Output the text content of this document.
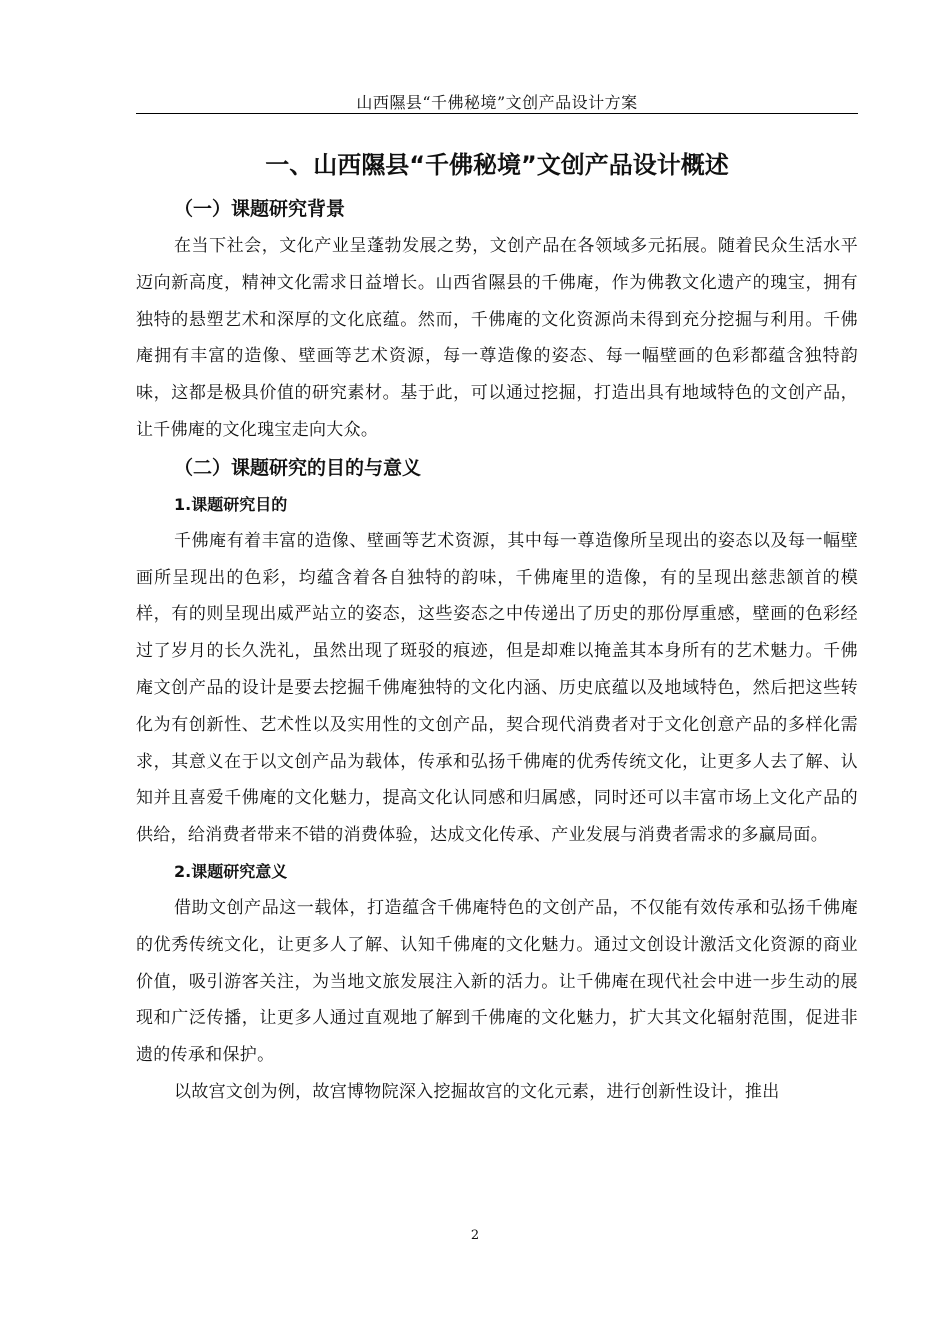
山西隰县“千佛秘境”文创产品设计方案
一、山西隰县“千佛秘境”文创产品设计概述
（一）课题研究背景

在当下社会，文化产业呈蓬勃发展之势，文创产品在各领域多元拓展。随着民众生活水平迈向新高度，精神文化需求日益增长。山西省隰县的千佛庵，作为佛教文化遗产的瑰宝，拥有独特的悬塑艺术和深厚的文化底蕴。然而，千佛庵的文化资源尚未得到充分挖掘与利用。千佛庵拥有丰富的造像、壁画等艺术资源，每一尊造像的姿态、每一幅壁画的色彩都蕴含独特韵味，这都是极具价值的研究素材。基于此，可以通过挖掘，打造出具有地域特色的文创产品，让千佛庵的文化瑰宝走向大众。

（二）课题研究的目的与意义
1.课题研究目的

千佛庵有着丰富的造像、壁画等艺术资源，其中每一尊造像所呈现出的姿态以及每一幅壁画所呈现出的色彩，均蕴含着各自独特的韵味，千佛庵里的造像，有的呈现出慈悲颔首的模样，有的则呈现出威严站立的姿态，这些姿态之中传递出了历史的那份厚重感，壁画的色彩经过了岁月的长久洗礼，虽然出现了斑驳的痕迹，但是却难以掩盖其本身所有的艺术魅力。千佛庵文创产品的设计是要去挖掘千佛庵独特的文化内涵、历史底蕴以及地域特色，然后把这些转化为有创新性、艺术性以及实用性的文创产品，契合现代消费者对于文化创意产品的多样化需求，其意义在于以文创产品为载体，传承和弘扬千佛庵的优秀传统文化，让更多人去了解、认知并且喜爱千佛庵的文化魅力，提高文化认同感和归属感，同时还可以丰富市场上文化产品的供给，给消费者带来不错的消费体验，达成文化传承、产业发展与消费者需求的多赢局面。

2.课题研究意义

借助文创产品这一载体，打造蕴含千佛庵特色的文创产品，不仅能有效传承和弘扬千佛庵的优秀传统文化，让更多人了解、认知千佛庵的文化魅力。通过文创设计激活文化资源的商业价值，吸引游客关注，为当地文旅发展注入新的活力。让千佛庵在现代社会中进一步生动的展现和广泛传播，让更多人通过直观地了解到千佛庵的文化魅力，扩大其文化辐射范围，促进非遗的传承和保护。

以故宫文创为例，故宫博物院深入挖掘故宫的文化元素，进行创新性设计，推出

2
